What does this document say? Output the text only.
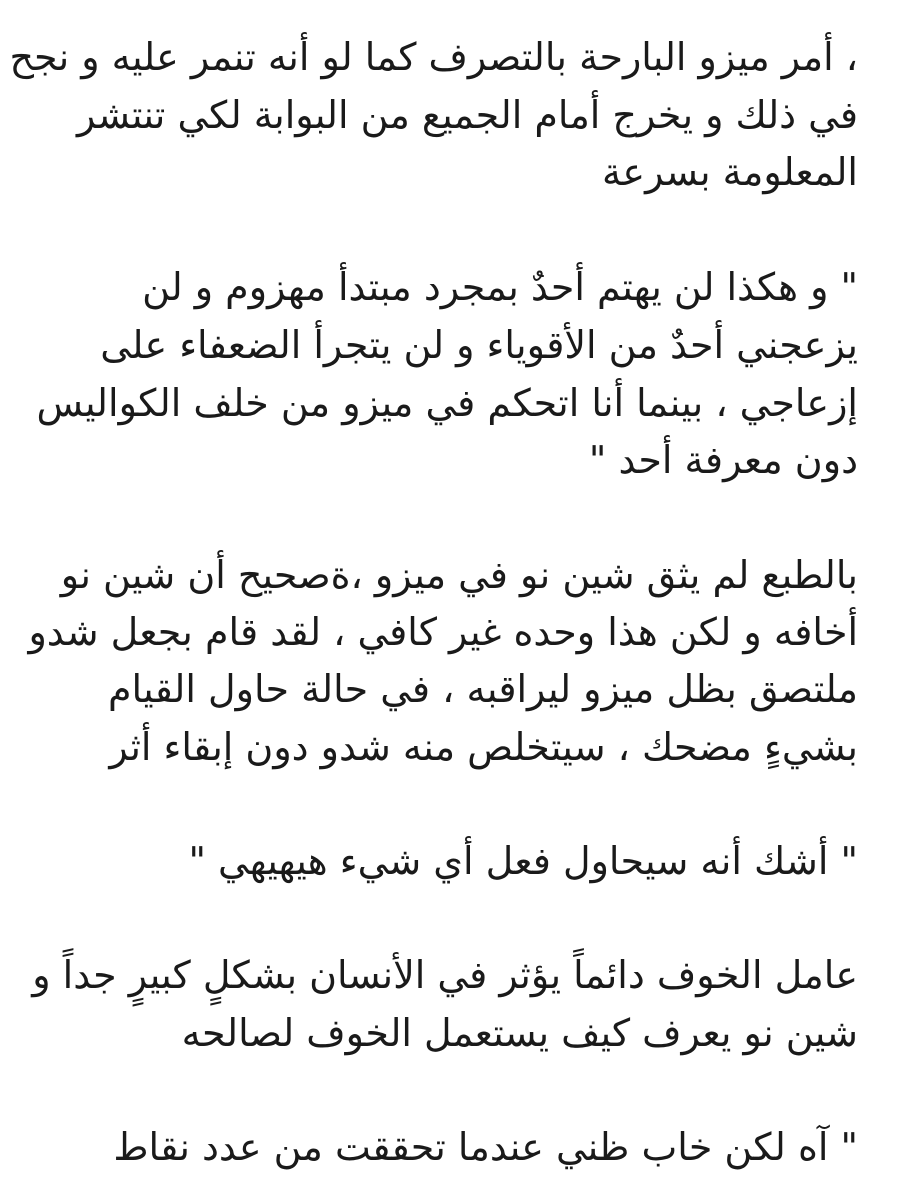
، أمر ميزو البارحة بالتصرف كما لو أنه تنمر عليه و نجح
في ذلك و يخرج أمام الجميع من البوابة لكي تنتشر
المعلومة بسرعة
" و هكذا لن يهتم أحدٌ بمجرد مبتدأ مهزوم و لن
يزعجني أحدٌ من الأقوياء و لن يتجرأ الضعفاء على
إزعاجي ، بينما أنا اتحكم في ميزو من خلف الكواليس
دون معرفة أحد "
بالطبع لم يثق شين نو في ميزو ،ةصحيح أن شين نو
أخافه و لكن هذا وحده غير كافي ، لقد قام بجعل شدو
ملتصق بظل ميزو ليراقبه ، في حالة حاول القيام
بشيءٍ مضحك ، سيتخلص منه شدو دون إبقاء أثر
" أشك أنه سيحاول فعل أي شيء هيهيهي "
عامل الخوف دائماً يؤثر في الأنسان بشكلٍ كبيرٍ جداً و
شين نو يعرف كيف يستعمل الخوف لصالحه
" آه لكن خاب ظني عندما تحققت من عدد نقاط
